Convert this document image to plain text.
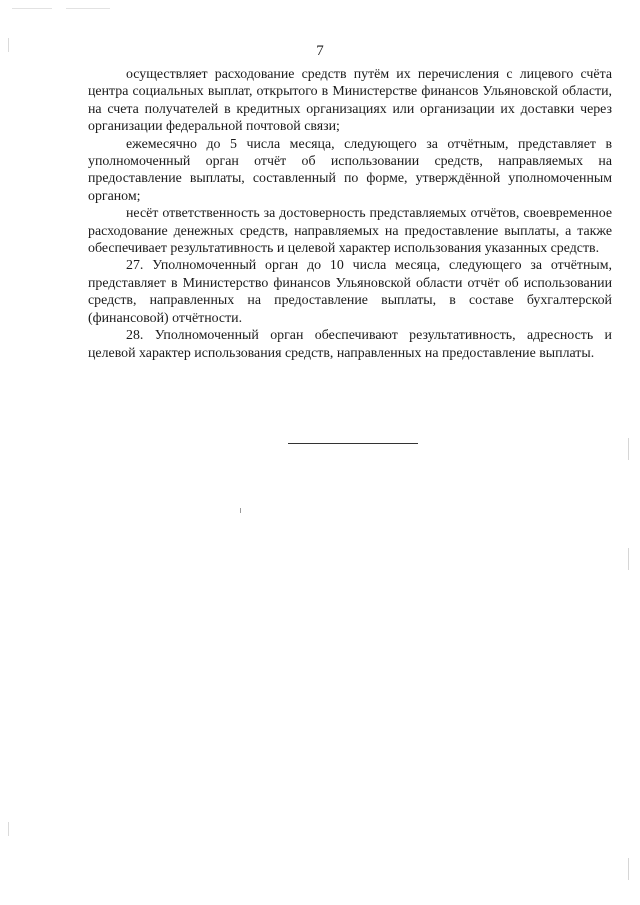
7

осуществляет расходование средств путём их перечисления с лицевого счёта центра социальных выплат, открытого в Министерстве финансов Ульяновской области, на счета получателей в кредитных организациях или организации их доставки через организации федеральной почтовой связи;

ежемесячно до 5 числа месяца, следующего за отчётным, представляет в уполномоченный орган отчёт об использовании средств, направляемых на предоставление выплаты, составленный по форме, утверждённой уполномоченным органом;

несёт ответственность за достоверность представляемых отчётов, своевременное расходование денежных средств, направляемых на предоставление выплаты, а также обеспечивает результативность и целевой характер использования указанных средств.

27. Уполномоченный орган до 10 числа месяца, следующего за отчётным, представляет в Министерство финансов Ульяновской области отчёт об использовании средств, направленных на предоставление выплаты, в составе бухгалтерской (финансовой) отчётности.

28. Уполномоченный орган обеспечивают результативность, адресность и целевой характер использования средств, направленных на предоставление выплаты.
